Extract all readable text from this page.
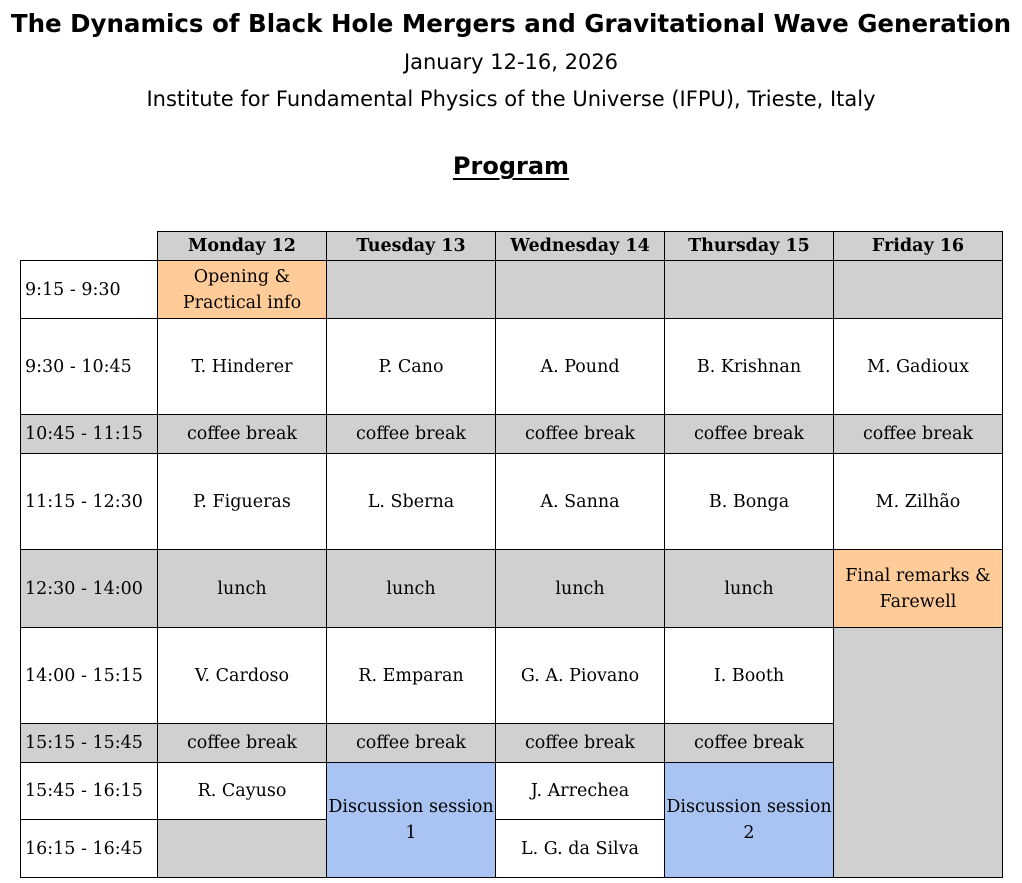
The Dynamics of Black Hole Mergers and Gravitational Wave Generation
January 12-16, 2026
Institute for Fundamental Physics of the Universe (IFPU), Trieste, Italy
Program
	Monday 12	Tuesday 13	Wednesday 14	Thursday 15	Friday 16
9:15 - 9:30	Opening & Practical info				
9:30 - 10:45	T. Hinderer	P. Cano	A. Pound	B. Krishnan	M. Gadioux
10:45 - 11:15	coffee break	coffee break	coffee break	coffee break	coffee break
11:15 - 12:30	P. Figueras	L. Sberna	A. Sanna	B. Bonga	M. Zilhão
12:30 - 14:00	lunch	lunch	lunch	lunch	Final remarks & Farewell
14:00 - 15:15	V. Cardoso	R. Emparan	G. A. Piovano	I. Booth	
15:15 - 15:45	coffee break	coffee break	coffee break	coffee break	
15:45 - 16:15	R. Cayuso	Discussion session 1	J. Arrechea	Discussion session 2	
16:15 - 16:45			L. G. da Silva		
